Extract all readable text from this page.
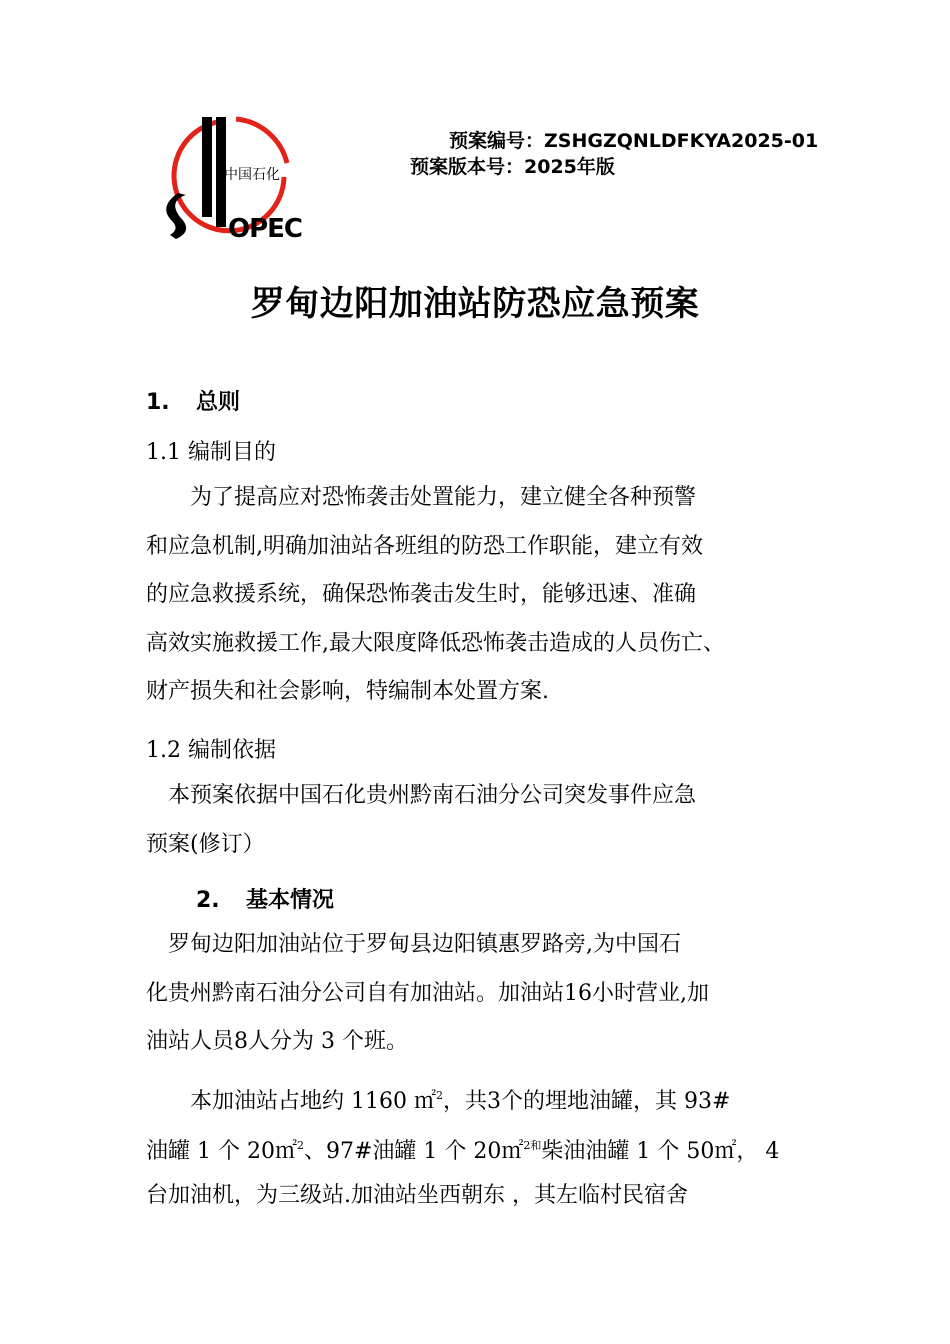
中国石化
OPEC
预案编号：ZSHGZQNLDFKYA2025-01
预案版本号：2025年版
罗甸边阳加油站防恐应急预案
1. 总则
1.1 编制目的
　　为了提高应对恐怖袭击处置能力，建立健全各种预警
和应急机制,明确加油站各班组的防恐工作职能，建立有效
的应急救援系统，确保恐怖袭击发生时，能够迅速、准确
高效实施救援工作,最大限度降低恐怖袭击造成的人员伤亡、
财产损失和社会影响，特编制本处置方案.
1.2 编制依据
　本预案依据中国石化贵州黔南石油分公司突发事件应急
预案(修订）
2. 基本情况
　罗甸边阳加油站位于罗甸县边阳镇惠罗路旁,为中国石
化贵州黔南石油分公司自有加油站。加油站16小时营业,加
油站人员8人分为 3 个班。
　　本加油站占地约 1160 ㎡$^2$，共3个的埋地油罐，其 93#
油罐 1 个 20㎡$^2$、97#油罐 1 个 20㎡$^{2和}$柴油油罐 1 个 50㎡， 4
台加油机，为三级站.加油站坐西朝东 ，其左临村民宿舍
